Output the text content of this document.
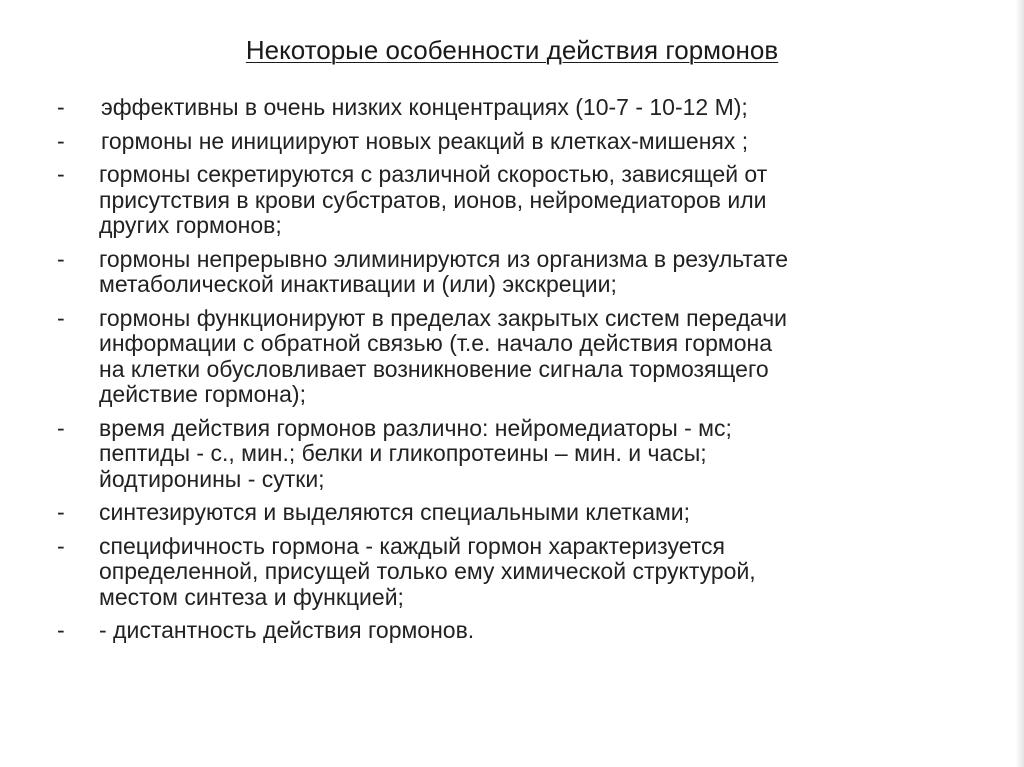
Некоторые особенности действия гормонов
- эффективны в очень низких концентрациях (10-7 - 10-12 М);
- гормоны не инициируют новых реакций в клетках-мишенях ;
- гормоны секретируются с различной скоростью, зависящей от
присутствия в крови субстратов, ионов, нейромедиаторов или
других гормонов;
- гормоны непрерывно элиминируются из организма в результате
метаболической инактивации и (или) экскреции;
- гормоны функционируют в пределах закрытых систем передачи
информации с обратной связью (т.е. начало действия гормона
на клетки обусловливает возникновение сигнала тормозящего
действие гормона);
- время действия гормонов различно: нейромедиаторы - мс;
пептиды - с., мин.; белки и гликопротеины – мин. и часы;
йодтиронины - сутки;
- синтезируются и выделяются специальными клетками;
- специфичность гормона - каждый гормон характеризуется
определенной, присущей только ему химической структурой,
местом синтеза и функцией;
- - дистантность действия гормонов.
